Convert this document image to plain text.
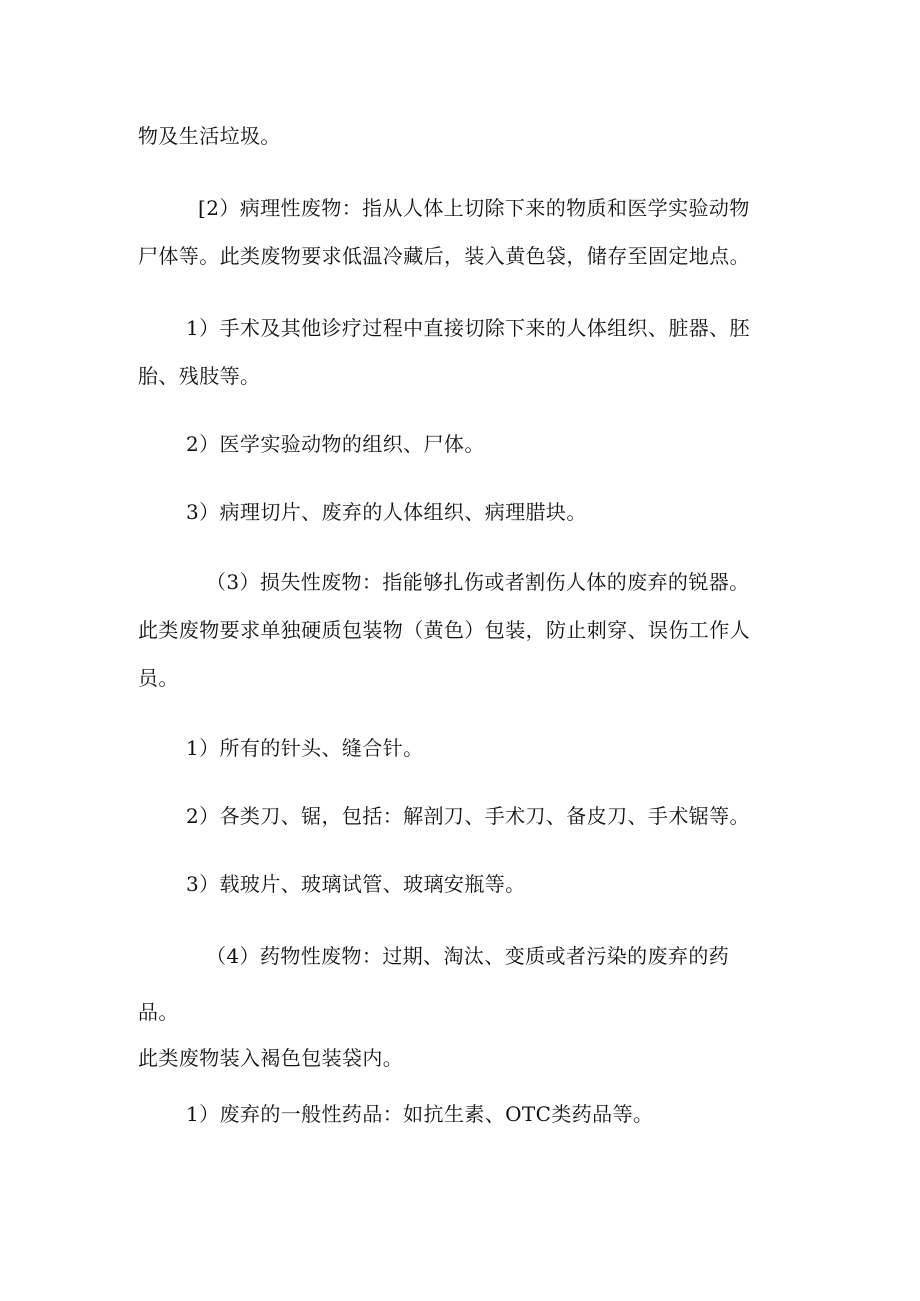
物及生活垃圾。
[2）病理性废物：指从人体上切除下来的物质和医学实验动物
尸体等。此类废物要求低温冷藏后，装入黄色袋，储存至固定地点。
1）手术及其他诊疗过程中直接切除下来的人体组织、脏器、胚
胎、残肢等。
2）医学实验动物的组织、尸体。
3）病理切片、废弃的人体组织、病理腊块。
（3）损失性废物：指能够扎伤或者割伤人体的废弃的锐器。
此类废物要求单独硬质包装物（黄色）包装，防止刺穿、误伤工作人
员。
1）所有的针头、缝合针。
2）各类刀、锯，包括：解剖刀、手术刀、备皮刀、手术锯等。
3）载玻片、玻璃试管、玻璃安瓶等。
（4）药物性废物：过期、淘汰、变质或者污染的废弃的药
品。
此类废物装入褐色包装袋内。
1）废弃的一般性药品：如抗生素、OTC类药品等。
